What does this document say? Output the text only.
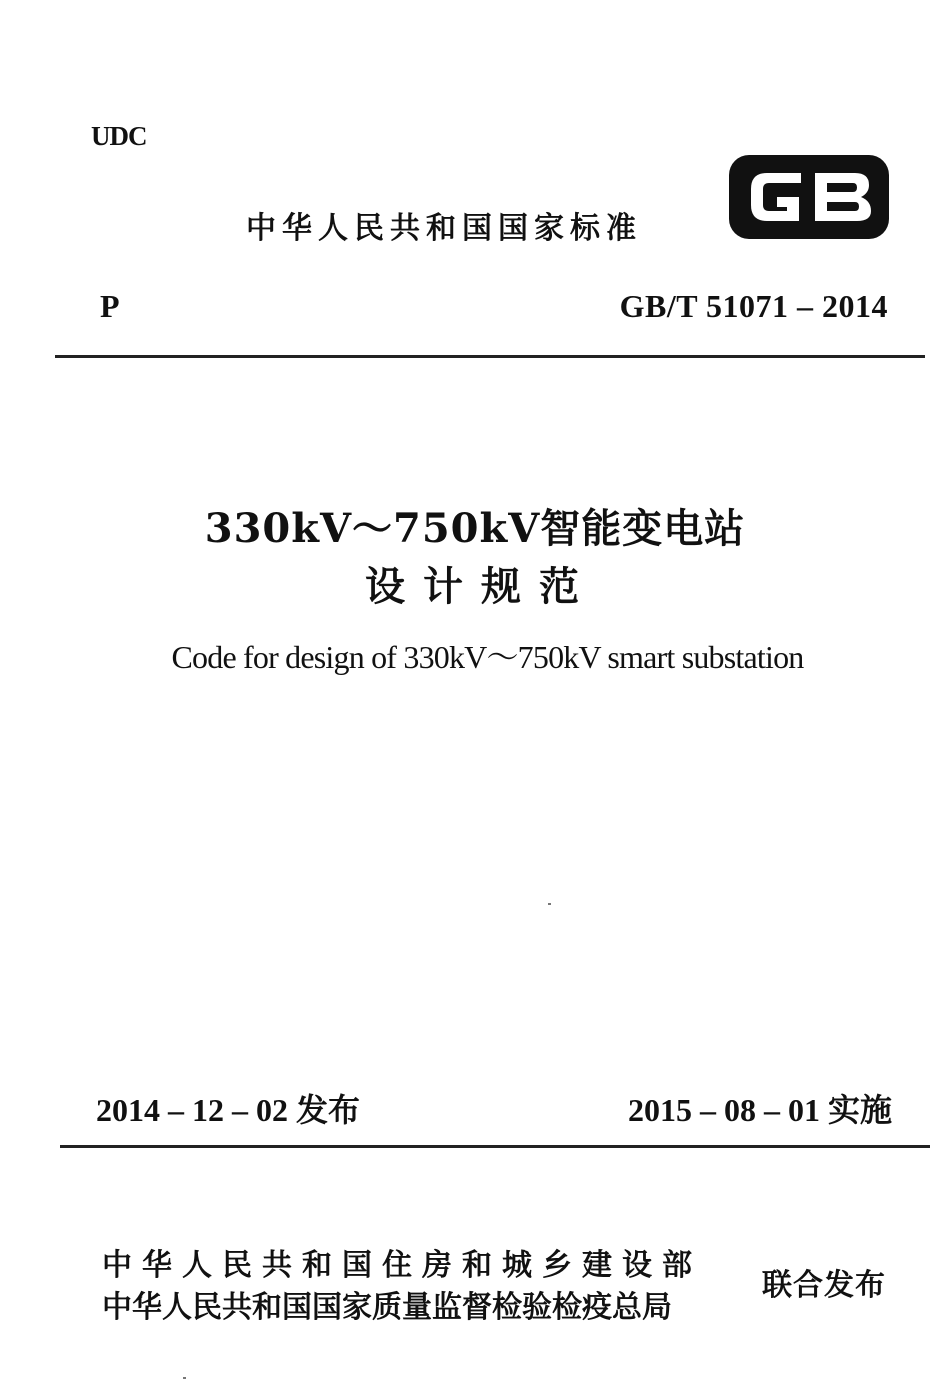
UDC

中华人民共和国国家标准

P	GB/T 51071 – 2014

330kV～750kV智能变电站

设计规范

Code for design of 330kV～750kV smart substation

2014 – 12 – 02 发布	2015 – 08 – 01 实施

中华人民共和国住房和城乡建设部

中华人民共和国国家质量监督检验检疫总局

联合发布
